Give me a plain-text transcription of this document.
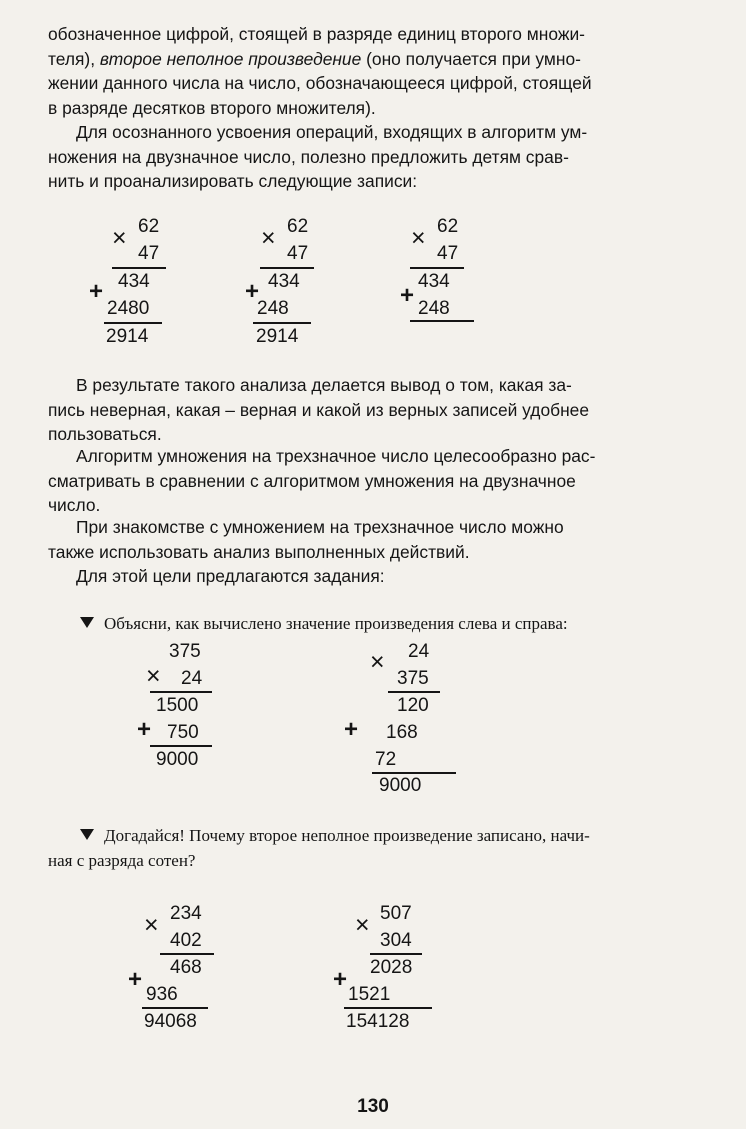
обозначенное цифрой, стоящей в разряде единиц второго множи-
теля), второе неполное произведение (оно получается при умно-
жении данного числа на число, обозначающееся цифрой, стоящей
в разряде десятков второго множителя).
Для осознанного усвоения операций, входящих в алгоритм ум-
ножения на двузначное число, полезно предложить детям срав-
нить и проанализировать следующие записи:
× 62
47
+ 434
2480
2914
× 62
47
+ 434
248
2914
× 62
47
+
434
248
В результате такого анализа делается вывод о том, какая за-
пись неверная, какая – верная и какой из верных записей удобнее
пользоваться.
Алгоритм умножения на трехзначное число целесообразно рас-
сматривать в сравнении с алгоритмом умножения на двузначное
число.
При знакомстве с умножением на трехзначное число можно
также использовать анализ выполненных действий.
Для этой цели предлагаются задания:
Объясни, как вычислено значение произведения слева и справа:
375
× 24
1500
+ 750
9000
× 24
375
120
+ 168
72
9000
Догадайся! Почему второе неполное произведение записано, начи-
ная с разряда сотен?
× 234
402
468
+
936
94068
× 507
304
2028
+
1521
154128
130
